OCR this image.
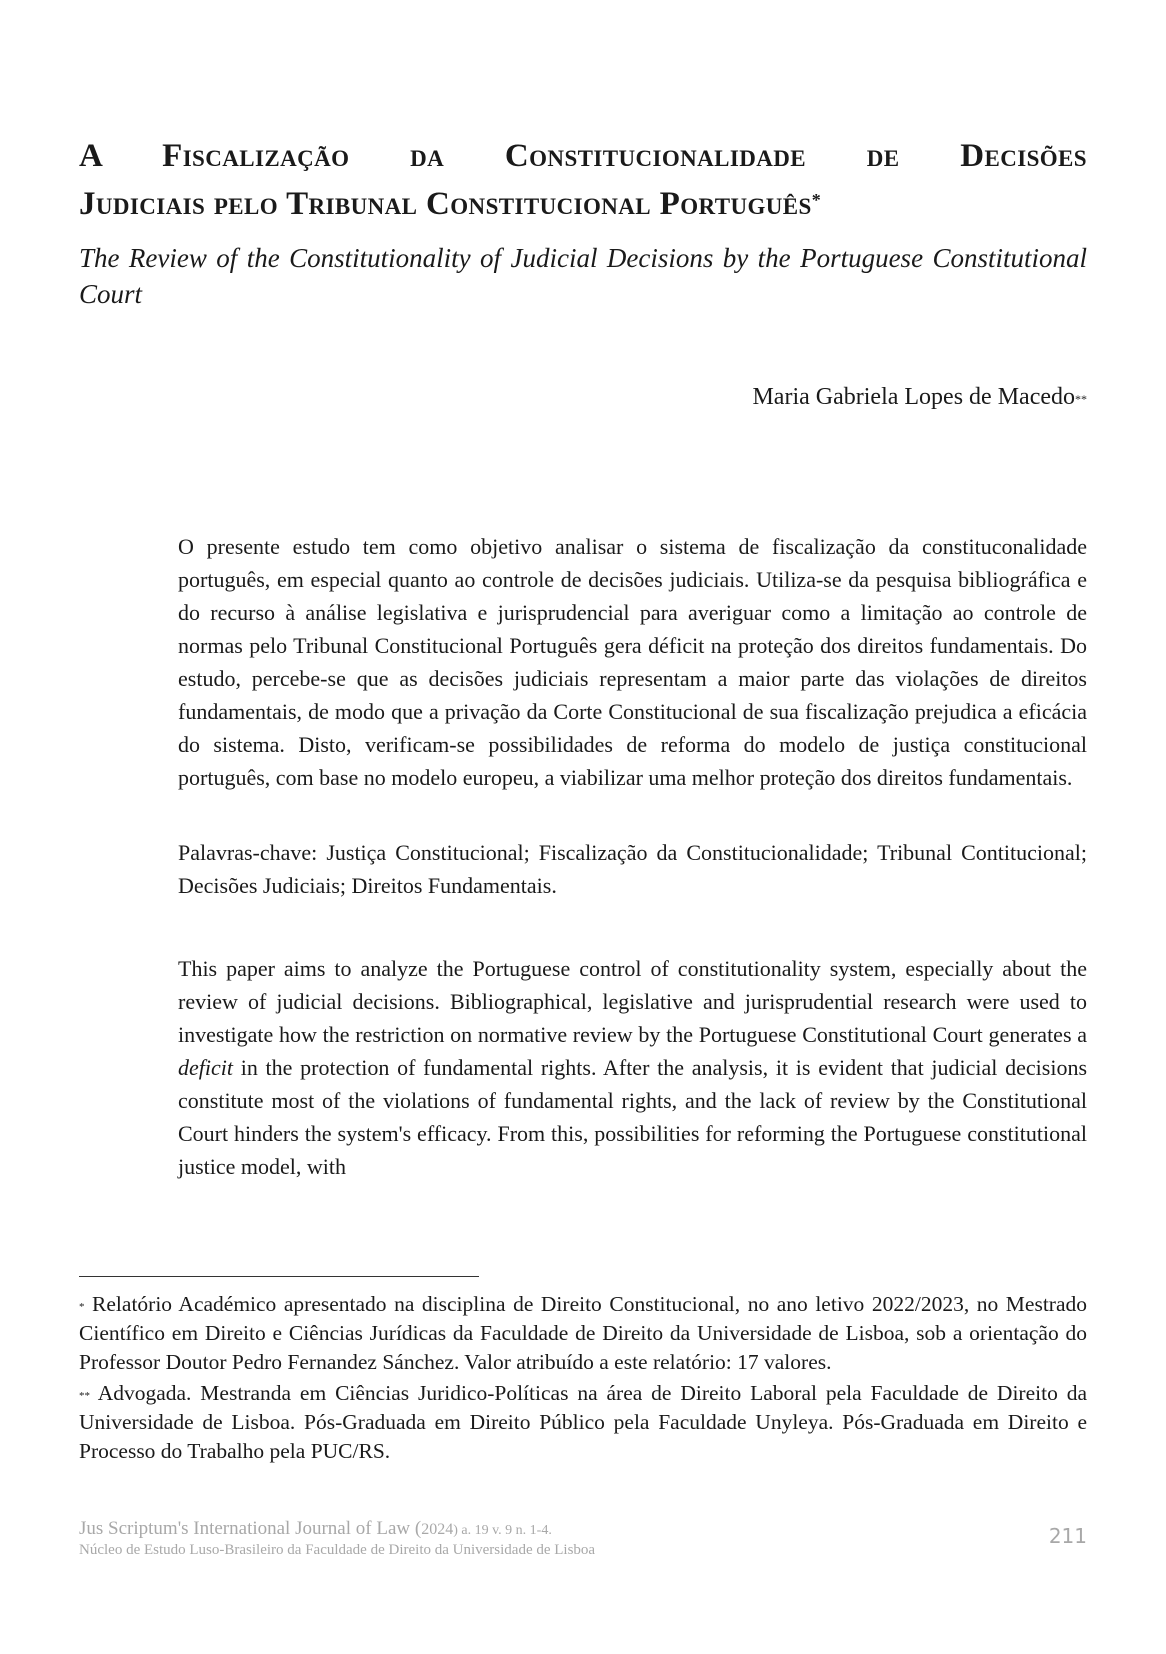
A Fiscalização da Constitucionalidade de Decisões
Judiciais pelo Tribunal Constitucional Português*
The Review of the Constitutionality of Judicial Decisions by the Portuguese Constitutional Court
Maria Gabriela Lopes de Macedo**
O presente estudo tem como objetivo analisar o sistema de fiscalização da constituconalidade português, em especial quanto ao controle de decisões judiciais. Utiliza-se da pesquisa bibliográfica e do recurso à análise legislativa e jurisprudencial para averiguar como a limitação ao controle de normas pelo Tribunal Constitucional Português gera déficit na proteção dos direitos fundamentais. Do estudo, percebe-se que as decisões judiciais representam a maior parte das violações de direitos fundamentais, de modo que a privação da Corte Constitucional de sua fiscalização prejudica a eficácia do sistema. Disto, verificam-se possibilidades de reforma do modelo de justiça constitucional português, com base no modelo europeu, a viabilizar uma melhor proteção dos direitos fundamentais.
Palavras-chave: Justiça Constitucional; Fiscalização da Constitucionalidade; Tribunal Contitucional; Decisões Judiciais; Direitos Fundamentais.
This paper aims to analyze the Portuguese control of constitutionality system, especially about the review of judicial decisions. Bibliographical, legislative and jurisprudential research were used to investigate how the restriction on normative review by the Portuguese Constitutional Court generates a deficit in the protection of fundamental rights. After the analysis, it is evident that judicial decisions constitute most of the violations of fundamental rights, and the lack of review by the Constitutional Court hinders the system's efficacy. From this, possibilities for reforming the Portuguese constitutional justice model, with

* Relatório Académico apresentado na disciplina de Direito Constitucional, no ano letivo 2022/2023, no Mestrado Científico em Direito e Ciências Jurídicas da Faculdade de Direito da Universidade de Lisboa, sob a orientação do Professor Doutor Pedro Fernandez Sánchez. Valor atribuído a este relatório: 17 valores.

** Advogada. Mestranda em Ciências Juridico-Políticas na área de Direito Laboral pela Faculdade de Direito da Universidade de Lisboa. Pós-Graduada em Direito Público pela Faculdade Unyleya. Pós-Graduada em Direito e Processo do Trabalho pela PUC/RS.

Jus Scriptum's International Journal of Law (2024) a. 19 v. 9 n. 1-4.
Núcleo de Estudo Luso-Brasileiro da Faculdade de Direito da Universidade de Lisboa
211
